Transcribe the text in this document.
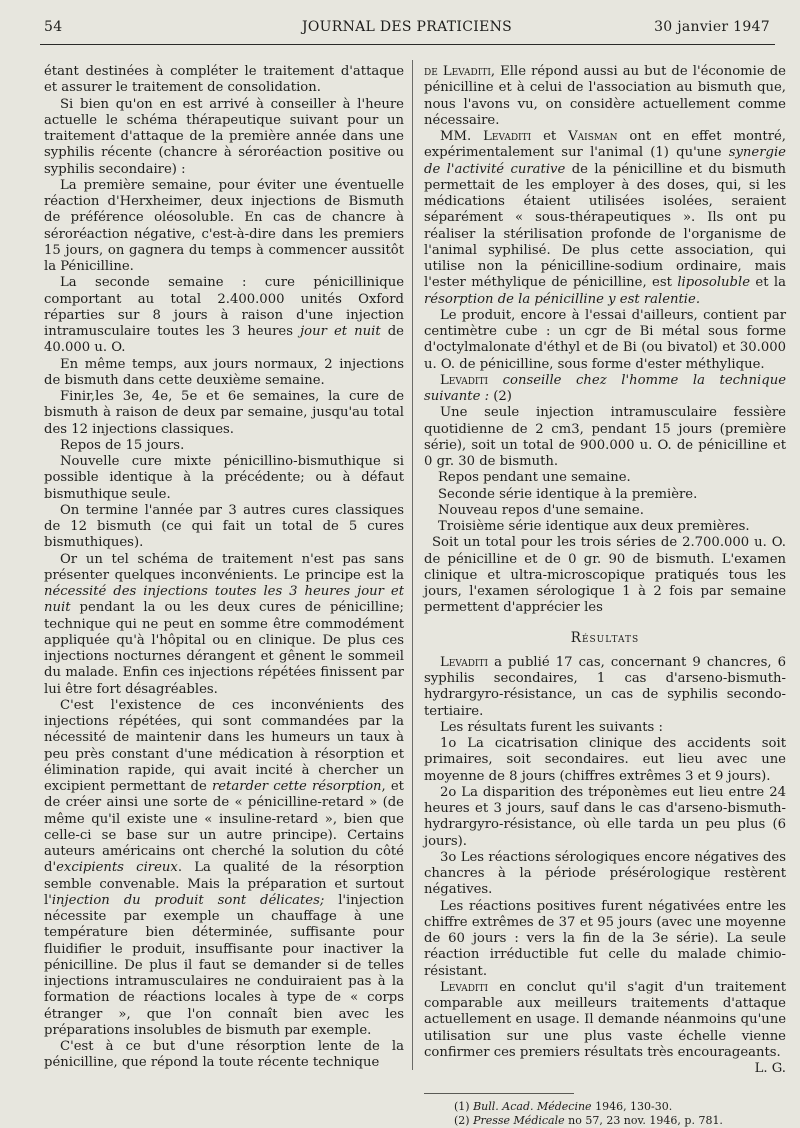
54	JOURNAL DES PRATICIENS	30 janvier 1947

étant destinées à compléter le traitement d'attaque et assurer le traitement de consolidation.

Si bien qu'on en est arrivé à conseiller à l'heure actuelle le schéma thérapeutique suivant pour un traitement d'attaque de la première année dans une syphilis récente (chancre à séroréaction positive ou syphilis secondaire) :

La première semaine, pour éviter une éventuelle réaction d'Herxheimer, deux injections de Bismuth de préférence oléosoluble. En cas de chancre à séroréaction négative, c'est-à-dire dans les premiers 15 jours, on gagnera du temps à commencer aussitôt la Pénicilline.

La seconde semaine : cure pénicillinique comportant au total 2.400.000 unités Oxford réparties sur 8 jours à raison d'une injection intramusculaire toutes les 3 heures jour et nuit de 40.000 u. O.

En même temps, aux jours normaux, 2 injections de bismuth dans cette deuxième semaine.

Finir,les 3e, 4e, 5e et 6e semaines, la cure de bismuth à raison de deux par semaine, jusqu'au total des 12 injections classiques.

Repos de 15 jours.

Nouvelle cure mixte pénicillino-bismuthique si possible identique à la précédente; ou à défaut bismuthique seule.

On termine l'année par 3 autres cures classiques de 12 bismuth (ce qui fait un total de 5 cures bismuthiques).

Or un tel schéma de traitement n'est pas sans présenter quelques inconvénients. Le principe est la nécessité des injections toutes les 3 heures jour et nuit pendant la ou les deux cures de pénicilline; technique qui ne peut en somme être commodément appliquée qu'à l'hôpital ou en clinique. De plus ces injections nocturnes dérangent et gênent le sommeil du malade. Enfin ces injections répétées finissent par lui être fort désagréables.

C'est l'existence de ces inconvénients des injections répétées, qui sont commandées par la nécessité de maintenir dans les humeurs un taux à peu près constant d'une médication à résorption et élimination rapide, qui avait incité à chercher un excipient permettant de retarder cette résorption, et de créer ainsi une sorte de « pénicilline-retard » (de même qu'il existe une « insuline-retard », bien que celle-ci se base sur un autre principe). Certains auteurs américains ont cherché la solution du côté d'excipients cireux. La qualité de la résorption semble convenable. Mais la préparation et surtout l'injection du produit sont délicates; l'injection nécessite par exemple un chauffage à une température bien déterminée, suffisante pour fluidifier le produit, insuffisante pour inactiver la pénicilline. De plus il faut se demander si de telles injections intramusculaires ne conduiraient pas à la formation de réactions locales à type de « corps étranger », que l'on connaît bien avec les préparations insolubles de bismuth par exemple.

C'est à ce but d'une résorption lente de la pénicilline, que répond la toute récente technique

de Levaditi, Elle répond aussi au but de l'économie de pénicilline et à celui de l'association au bismuth que, nous l'avons vu, on considère actuellement comme nécessaire.

MM. Levaditi et Vaisman ont en effet montré, expérimentalement sur l'animal (1) qu'une synergie de l'activité curative de la pénicilline et du bismuth permettait de les employer à des doses, qui, si les médications étaient utilisées isolées, seraient séparément « sous-thérapeutiques ». Ils ont pu réaliser la stérilisation profonde de l'organisme de l'animal syphilisé. De plus cette association, qui utilise non la pénicilline-sodium ordinaire, mais l'ester méthylique de pénicilline, est liposoluble et la résorption de la pénicilline y est ralentie.

Le produit, encore à l'essai d'ailleurs, contient par centimètre cube : un cgr de Bi métal sous forme d'octylmalonate d'éthyl et de Bi (ou bivatol) et 30.000 u. O. de pénicilline, sous forme d'ester méthylique.

Levaditi conseille chez l'homme la technique suivante : (2)

Une seule injection intramusculaire fessière quotidienne de 2 cm3, pendant 15 jours (première série), soit un total de 900.000 u. O. de pénicilline et 0 gr. 30 de bismuth.

Repos pendant une semaine.

Seconde série identique à la première.

Nouveau repos d'une semaine.

Troisième série identique aux deux premières.

Soit un total pour les trois séries de 2.700.000 u. O. de pénicilline et de 0 gr. 90 de bismuth. L'examen clinique et ultra-microscopique pratiqués tous les jours, l'examen sérologique 1 à 2 fois par semaine permettent d'apprécier les

Résultats

Levaditi a publié 17 cas, concernant 9 chancres, 6 syphilis secondaires, 1 cas d'arseno-bismuth-hydrargyro-résistance, un cas de syphilis secondo-tertiaire.

Les résultats furent les suivants :

1o La cicatrisation clinique des accidents soit primaires, soit secondaires. eut lieu avec une moyenne de 8 jours (chiffres extrêmes 3 et 9 jours).

2o La disparition des tréponèmes eut lieu entre 24 heures et 3 jours, sauf dans le cas d'arseno-bismuth-hydrargyro-résistance, où elle tarda un peu plus (6 jours).

3o Les réactions sérologiques encore négatives des chancres à la période présérologique restèrent négatives.

Les réactions positives furent négativées entre les chiffre extrêmes de 37 et 95 jours (avec une moyenne de 60 jours : vers la fin de la 3e série). La seule réaction irréductible fut celle du malade chimio-résistant.

Levaditi en conclut qu'il s'agit d'un traitement comparable aux meilleurs traitements d'attaque actuellement en usage. Il demande néanmoins qu'une utilisation sur une plus vaste échelle vienne confirmer ces premiers résultats très encourageants.

L. G.

(1) Bull. Acad. Médecine 1946, 130-30.

(2) Presse Médicale no 57, 23 nov. 1946, p. 781.
